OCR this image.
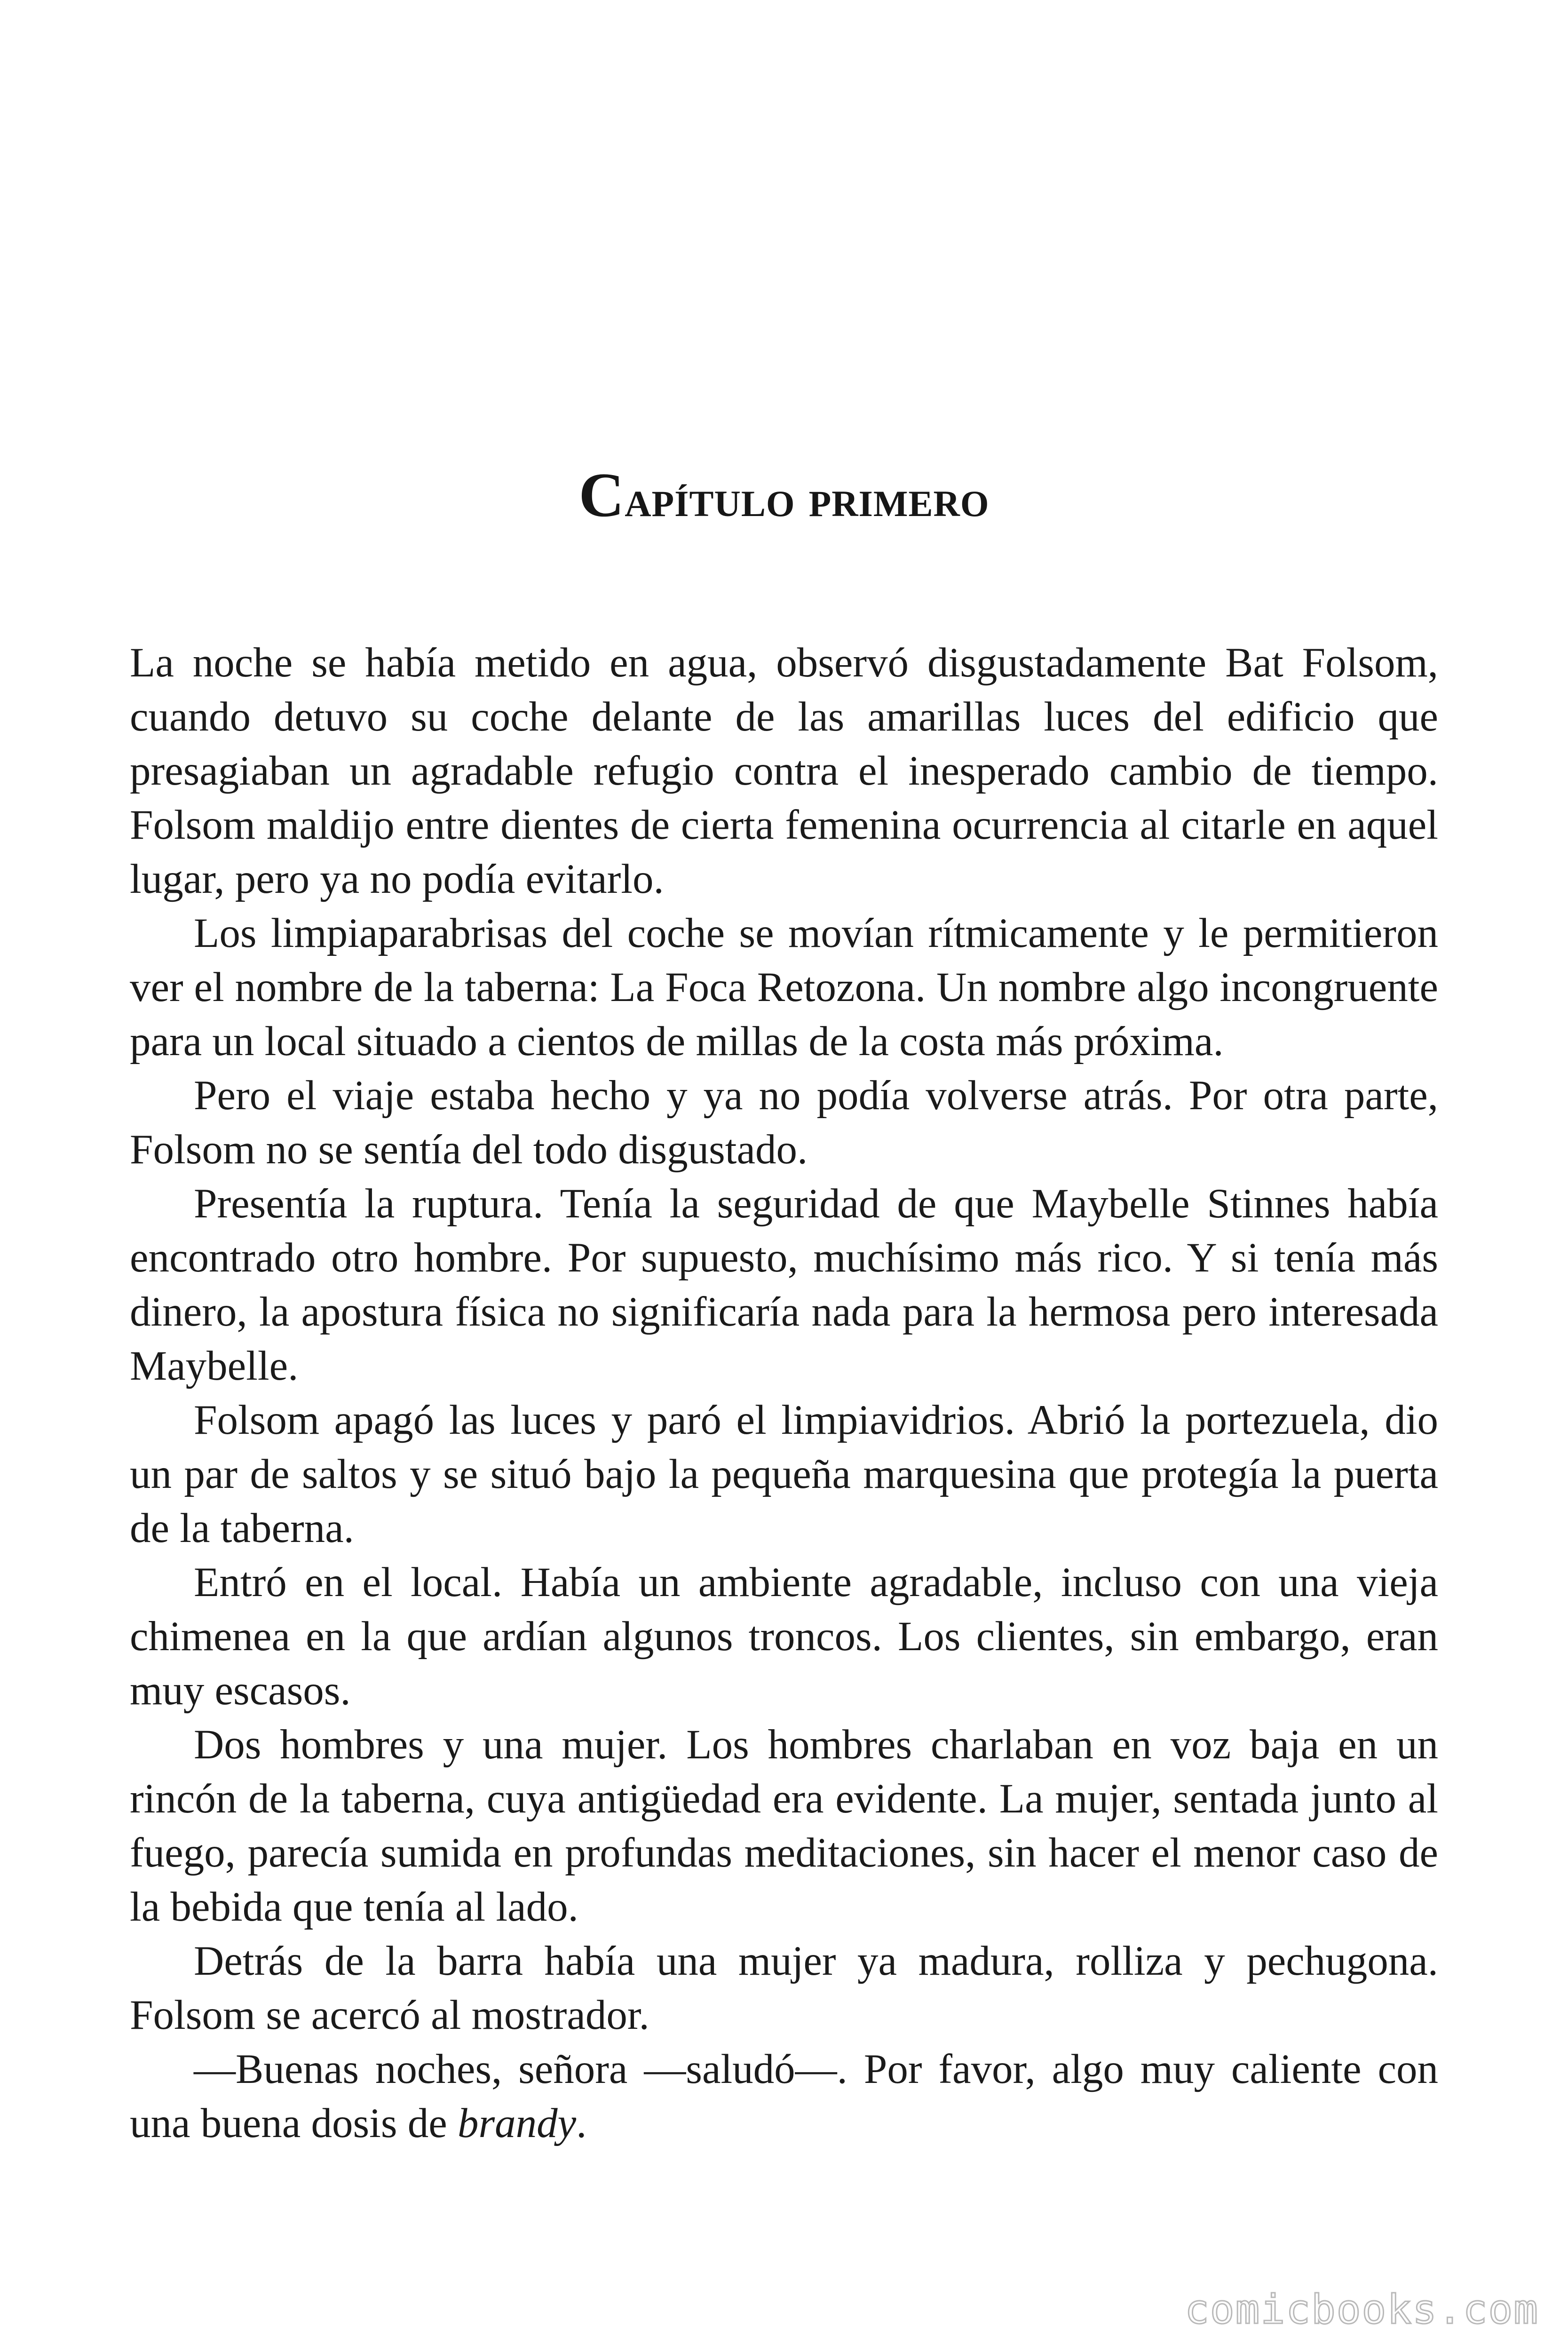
Capítulo primero

La noche se había metido en agua, observó disgustadamente Bat Folsom, cuando detuvo su coche delante de las amarillas luces del edificio que presagiaban un agradable refugio contra el inesperado cambio de tiempo. Folsom maldijo entre dientes de cierta femenina ocurrencia al citarle en aquel lugar, pero ya no podía evitarlo.

Los limpiaparabrisas del coche se movían rítmicamente y le permitieron ver el nombre de la taberna: La Foca Retozona. Un nombre algo incongruente para un local situado a cientos de millas de la costa más próxima.

Pero el viaje estaba hecho y ya no podía volverse atrás. Por otra parte, Folsom no se sentía del todo disgustado.

Presentía la ruptura. Tenía la seguridad de que Maybelle Stinnes había encontrado otro hombre. Por supuesto, muchísimo más rico. Y si tenía más dinero, la apostura física no significaría nada para la hermosa pero interesada Maybelle.

Folsom apagó las luces y paró el limpiavidrios. Abrió la portezuela, dio un par de saltos y se situó bajo la pequeña marquesina que protegía la puerta de la taberna.

Entró en el local. Había un ambiente agradable, incluso con una vieja chimenea en la que ardían algunos troncos. Los clientes, sin embargo, eran muy escasos.

Dos hombres y una mujer. Los hombres charlaban en voz baja en un rincón de la taberna, cuya antigüedad era evidente. La mujer, sentada junto al fuego, parecía sumida en profundas meditaciones, sin hacer el menor caso de la bebida que tenía al lado.

Detrás de la barra había una mujer ya madura, rolliza y pechugona. Folsom se acercó al mostrador.

—Buenas noches, señora —saludó—. Por favor, algo muy caliente con una buena dosis de brandy.

comicbooks.com
